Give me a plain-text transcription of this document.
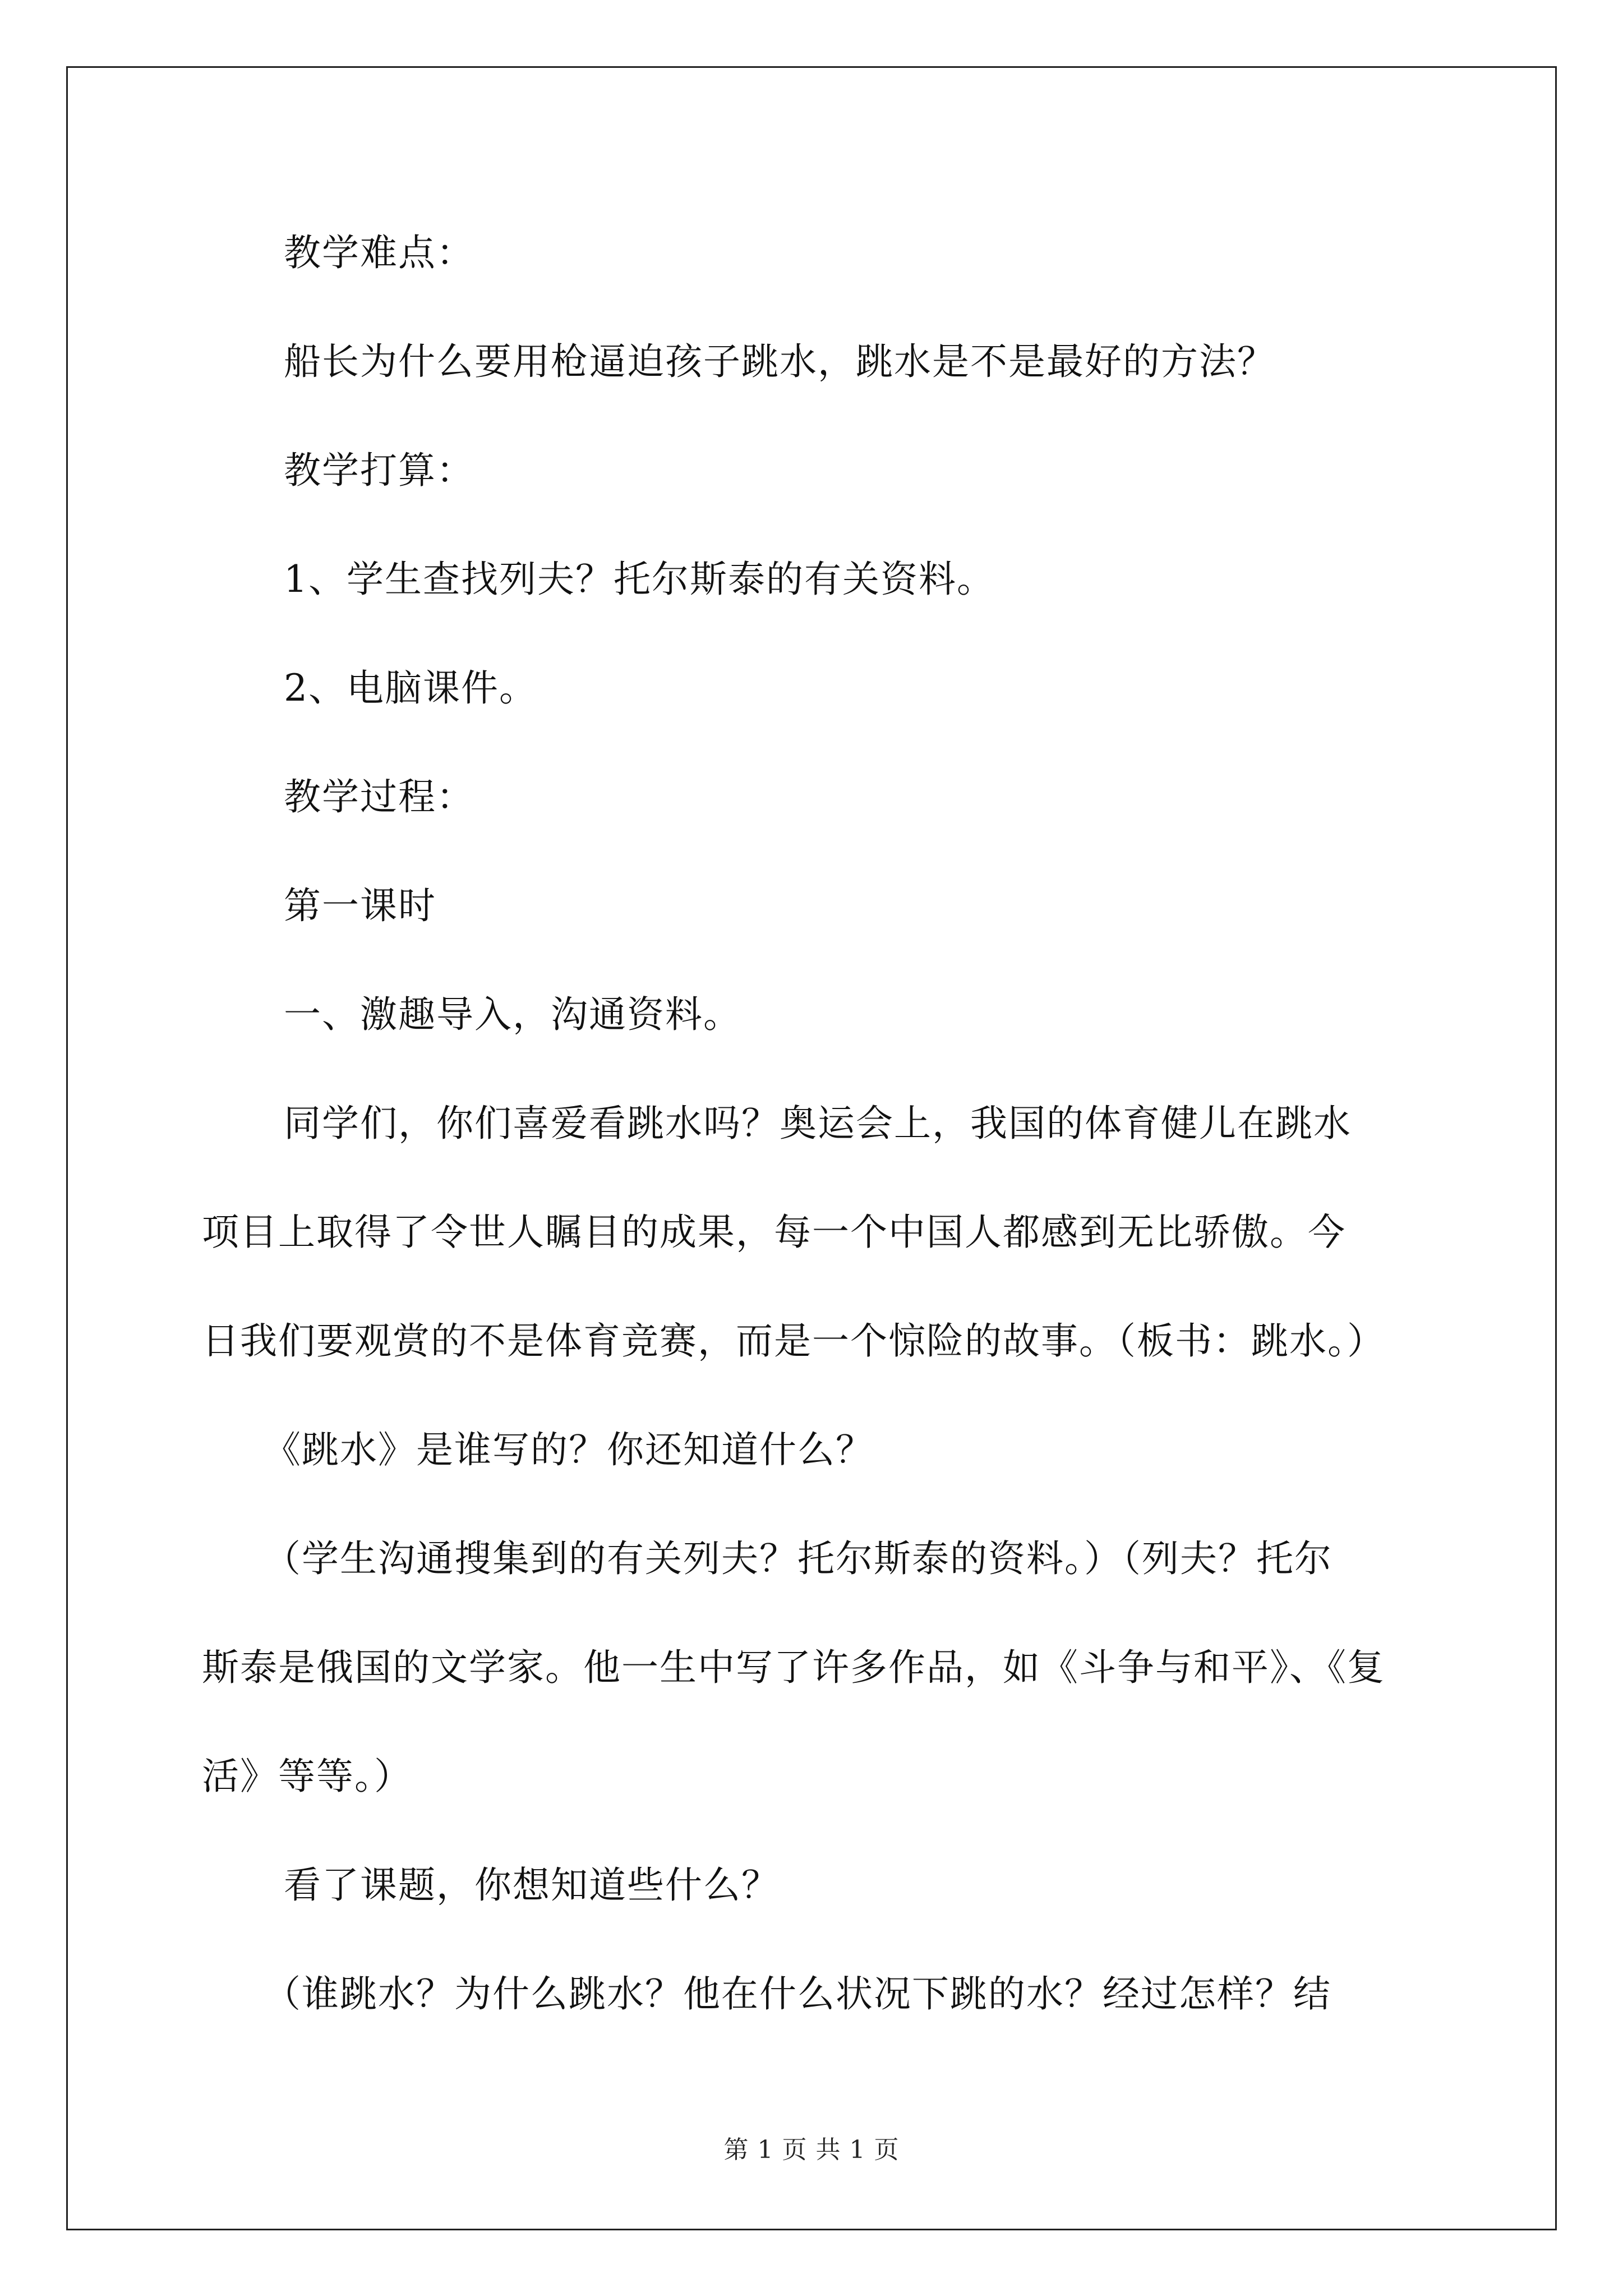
教学难点：
船长为什么要用枪逼迫孩子跳水，跳水是不是最好的方法？
教学打算：
1、学生查找列夫？托尔斯泰的有关资料。
2、电脑课件。
教学过程：
第一课时
一、激趣导入，沟通资料。
同学们，你们喜爱看跳水吗？奥运会上，我国的体育健儿在跳水
项目上取得了令世人瞩目的成果，每一个中国人都感到无比骄傲。今
日我们要观赏的不是体育竞赛，而是一个惊险的故事。（板书：跳水。）
《跳水》是谁写的？你还知道什么？
（学生沟通搜集到的有关列夫？托尔斯泰的资料。）（列夫？托尔
斯泰是俄国的文学家。他一生中写了许多作品，如《斗争与和平》、《复
活》等等。）
看了课题，你想知道些什么？
（谁跳水？为什么跳水？他在什么状况下跳的水？经过怎样？结
第 1 页 共 1 页
